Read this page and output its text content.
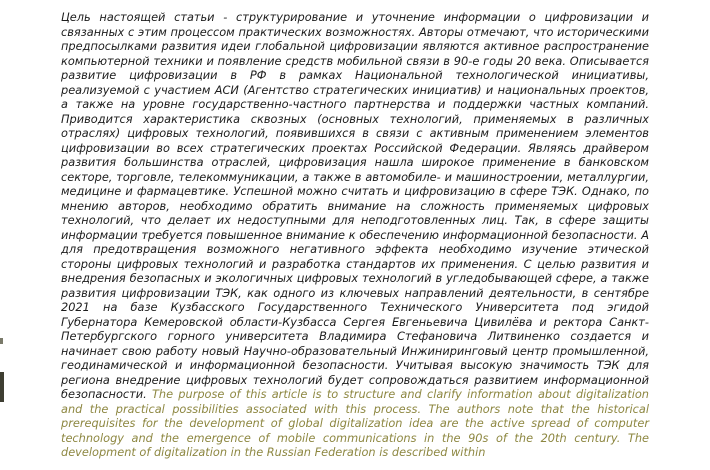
Цель настоящей статьи - структурирование и уточнение информации о цифровизации и связанных с этим процессом практических возможностях. Авторы отмечают, что историческими предпосылками развития идеи глобальной цифровизации являются активное распространение компьютерной техники и появление средств мобильной связи в 90-е годы 20 века. Описывается развитие цифровизации в РФ в рамках Национальной технологической инициативы, реализуемой с участием АСИ (Агентство стратегических инициатив) и национальных проектов, а также на уровне государственно-частного партнерства и поддержки частных компаний. Приводится характеристика сквозных (основных технологий, применяемых в различных отраслях) цифровых технологий, появившихся в связи с активным применением элементов цифровизации во всех стратегических проектах Российской Федерации. Являясь драйвером развития большинства отраслей, цифровизация нашла широкое применение в банковском секторе, торговле, телекоммуникации, а также в автомобиле- и машиностроении, металлургии, медицине и фармацевтике. Успешной можно считать и цифровизацию в сфере ТЭК. Однако, по мнению авторов, необходимо обратить внимание на сложность применяемых цифровых технологий, что делает их недоступными для неподготовленных лиц. Так, в сфере защиты информации требуется повышенное внимание к обеспечению информационной безопасности. А для предотвращения возможного негативного эффекта необходимо изучение этической стороны цифровых технологий и разработка стандартов их применения. С целью развития и внедрения безопасных и экологичных цифровых технологий в угледобывающей сфере, а также развития цифровизации ТЭК, как одного из ключевых направлений деятельности, в сентябре 2021 на базе Кузбасского Государственного Технического Университета под эгидой Губернатора Кемеровской области-Кузбасса Сергея Евгеньевича Цивилёва и ректора Санкт-Петербургского горного университета Владимира Стефановича Литвиненко создается и начинает свою работу новый Научно-образовательный Инжиниринговый центр промышленной, геодинамической и информационной безопасности. Учитывая высокую значимость ТЭК для региона внедрение цифровых технологий будет сопровождаться развитием информационной безопасности. The purpose of this article is to structure and clarify information about digitalization and the practical possibilities associated with this process. The authors note that the historical prerequisites for the development of global digitalization idea are the active spread of computer technology and the emergence of mobile communications in the 90s of the 20th century. The development of digitalization in the Russian Federation is described within
